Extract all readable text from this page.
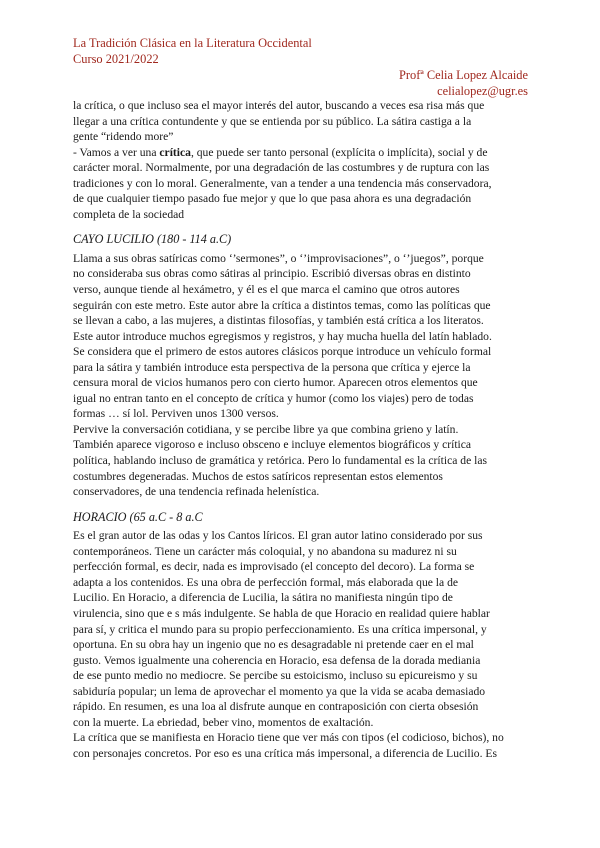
La Tradición Clásica en la Literatura Occidental
Curso 2021/2022
Profª Celia Lopez Alcaide
celialopez@ugr.es

la crítica, o que incluso sea el mayor interés del autor, buscando a veces esa risa más que
llegar a una crítica contundente y que se entienda por su público. La sátira castiga a la
gente “ridendo more”

- Vamos a ver una crítica, que puede ser tanto personal (explícita o implícita), social y de
carácter moral. Normalmente, por una degradación de las costumbres y de ruptura con las
tradiciones y con lo moral. Generalmente, van a tender a una tendencia más conservadora,
de que cualquier tiempo pasado fue mejor y que lo que pasa ahora es una degradación
completa de la sociedad

CAYO LUCILIO (180 - 114 a.C)

Llama a sus obras satíricas como ‘’sermones”, o ‘’improvisaciones”, o ‘’juegos”, porque
no consideraba sus obras como sátiras al principio. Escribió diversas obras en distinto
verso, aunque tiende al hexámetro, y él es el que marca el camino que otros autores
seguirán con este metro. Este autor abre la crítica a distintos temas, como las políticas que
se llevan a cabo, a las mujeres, a distintas filosofías, y también está crítica a los literatos.
Este autor introduce muchos egregismos y registros, y hay mucha huella del latín hablado.
Se considera que el primero de estos autores clásicos porque introduce un vehículo formal
para la sátira y también introduce esta perspectiva de la persona que crítica y ejerce la
censura moral de vicios humanos pero con cierto humor. Aparecen otros elementos que
igual no entran tanto en el concepto de crítica y humor (como los viajes) pero de todas
formas … sí lol. Perviven unos 1300 versos.
Pervive la conversación cotidiana, y se percibe libre ya que combina grieno y latín.
También aparece vigoroso e incluso obsceno e incluye elementos biográficos y crítica
política, hablando incluso de gramática y retórica. Pero lo fundamental es la crítica de las
costumbres degeneradas. Muchos de estos satíricos representan estos elementos
conservadores, de una tendencia refinada helenística.

HORACIO (65 a.C - 8 a.C

Es el gran autor de las odas y los Cantos líricos. El gran autor latino considerado por sus
contemporáneos. Tiene un carácter más coloquial, y no abandona su madurez ni su
perfección formal, es decir, nada es improvisado (el concepto del decoro). La forma se
adapta a los contenidos. Es una obra de perfección formal, más elaborada que la de
Lucilio. En Horacio, a diferencia de Lucilia, la sátira no manifiesta ningún tipo de
virulencia, sino que e s más indulgente. Se habla de que Horacio en realidad quiere hablar
para sí, y critica el mundo para su propio perfeccionamiento. Es una crítica impersonal, y
oportuna. En su obra hay un ingenio que no es desagradable ni pretende caer en el mal
gusto. Vemos igualmente una coherencia en Horacio, esa defensa de la dorada mediania
de ese punto medio no mediocre. Se percibe su estoicismo, incluso su epicureismo y su
sabiduría popular; un lema de aprovechar el momento ya que la vida se acaba demasiado
rápido. En resumen, es una loa al disfrute aunque en contraposición con cierta obsesión
con la muerte. La ebriedad, beber vino, momentos de exaltación.
La crítica que se manifiesta en Horacio tiene que ver más con tipos (el codicioso, bichos), no
con personajes concretos. Por eso es una crítica más impersonal, a diferencia de Lucilio. Es
